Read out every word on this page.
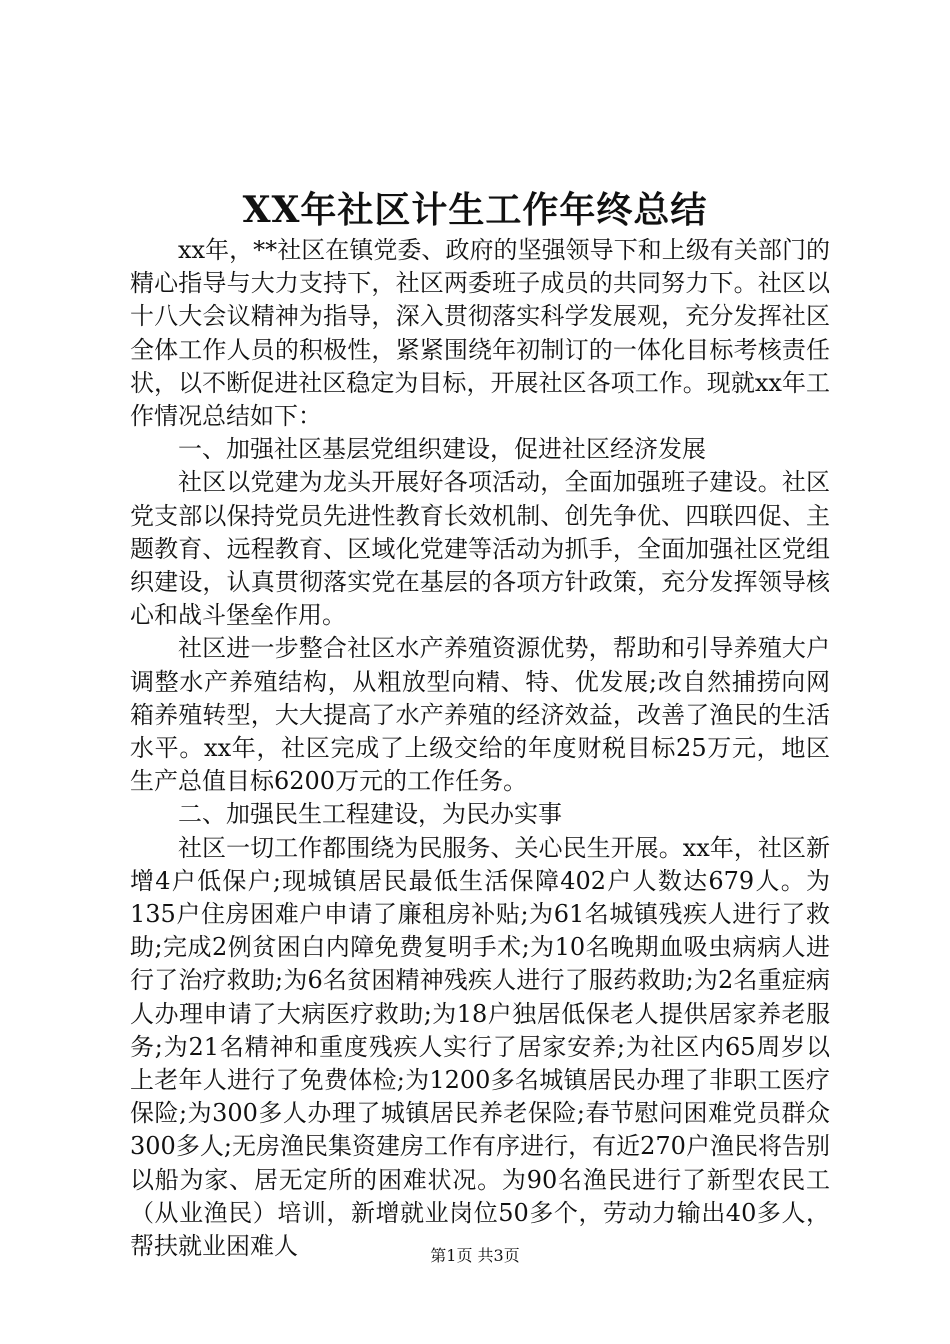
XX年社区计生工作年终总结

xx年，**社区在镇党委、政府的坚强领导下和上级有关部门的精心指导与大力支持下，社区两委班子成员的共同努力下。社区以十八大会议精神为指导，深入贯彻落实科学发展观，充分发挥社区全体工作人员的积极性，紧紧围绕年初制订的一体化目标考核责任状，以不断促进社区稳定为目标，开展社区各项工作。现就xx年工作情况总结如下：

一、加强社区基层党组织建设，促进社区经济发展

社区以党建为龙头开展好各项活动，全面加强班子建设。社区党支部以保持党员先进性教育长效机制、创先争优、四联四促、主题教育、远程教育、区域化党建等活动为抓手，全面加强社区党组织建设，认真贯彻落实党在基层的各项方针政策，充分发挥领导核心和战斗堡垒作用。

社区进一步整合社区水产养殖资源优势，帮助和引导养殖大户调整水产养殖结构，从粗放型向精、特、优发展;改自然捕捞向网箱养殖转型，大大提高了水产养殖的经济效益，改善了渔民的生活水平。xx年，社区完成了上级交给的年度财税目标25万元，地区生产总值目标6200万元的工作任务。

二、加强民生工程建设，为民办实事

社区一切工作都围绕为民服务、关心民生开展。xx年，社区新增4户低保户;现城镇居民最低生活保障402户人数达679人。为135户住房困难户申请了廉租房补贴;为61名城镇残疾人进行了救助;完成2例贫困白内障免费复明手术;为10名晚期血吸虫病病人进行了治疗救助;为6名贫困精神残疾人进行了服药救助;为2名重症病人办理申请了大病医疗救助;为18户独居低保老人提供居家养老服务;为21名精神和重度残疾人实行了居家安养;为社区内65周岁以上老年人进行了免费体检;为1200多名城镇居民办理了非职工医疗保险;为300多人办理了城镇居民养老保险;春节慰问困难党员群众300多人;无房渔民集资建房工作有序进行，有近270户渔民将告别以船为家、居无定所的困难状况。为90名渔民进行了新型农民工（从业渔民）培训，新增就业岗位50多个，劳动力输出40多人，帮扶就业困难人	第1页 共3页
